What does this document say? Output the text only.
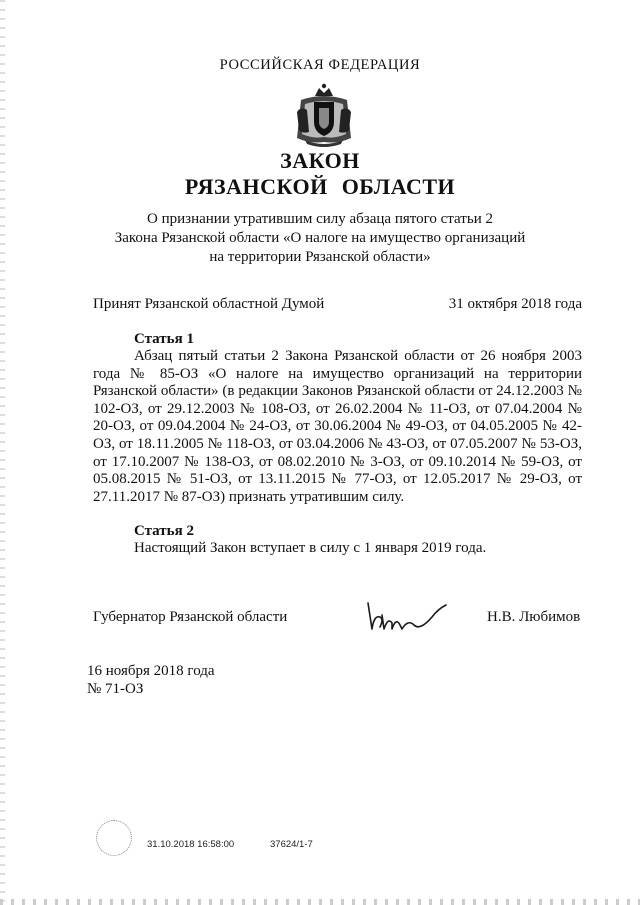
РОССИЙСКАЯ ФЕДЕРАЦИЯ
ЗАКОН
РЯЗАНСКОЙ ОБЛАСТИ
О признании утратившим силу абзаца пятого статьи 2
Закона Рязанской области «О налоге на имущество организаций
на территории Рязанской области»
Принят Рязанской областной Думой	31 октября 2018 года
Статья 1
Абзац пятый статьи 2 Закона Рязанской области от 26 ноября 2003 года № 85-ОЗ «О налоге на имущество организаций на территории Рязанской области» (в редакции Законов Рязанской области от 24.12.2003 № 102-ОЗ, от 29.12.2003 № 108-ОЗ, от 26.02.2004 № 11-ОЗ, от 07.04.2004 № 20-ОЗ, от 09.04.2004 № 24-ОЗ, от 30.06.2004 № 49-ОЗ, от 04.05.2005 № 42-ОЗ, от 18.11.2005 № 118-ОЗ, от 03.04.2006 № 43-ОЗ, от 07.05.2007 № 53-ОЗ, от 17.10.2007 № 138-ОЗ, от 08.02.2010 № 3-ОЗ, от 09.10.2014 № 59-ОЗ, от 05.08.2015 № 51-ОЗ, от 13.11.2015 № 77-ОЗ, от 12.05.2017 № 29-ОЗ, от 27.11.2017 № 87-ОЗ) признать утратившим силу.
Статья 2
Настоящий Закон вступает в силу с 1 января 2019 года.
Губернатор Рязанской области	Н.В. Любимов
16 ноября 2018 года
№ 71-ОЗ
31.10.2018 16:58:00	37624/1-7
